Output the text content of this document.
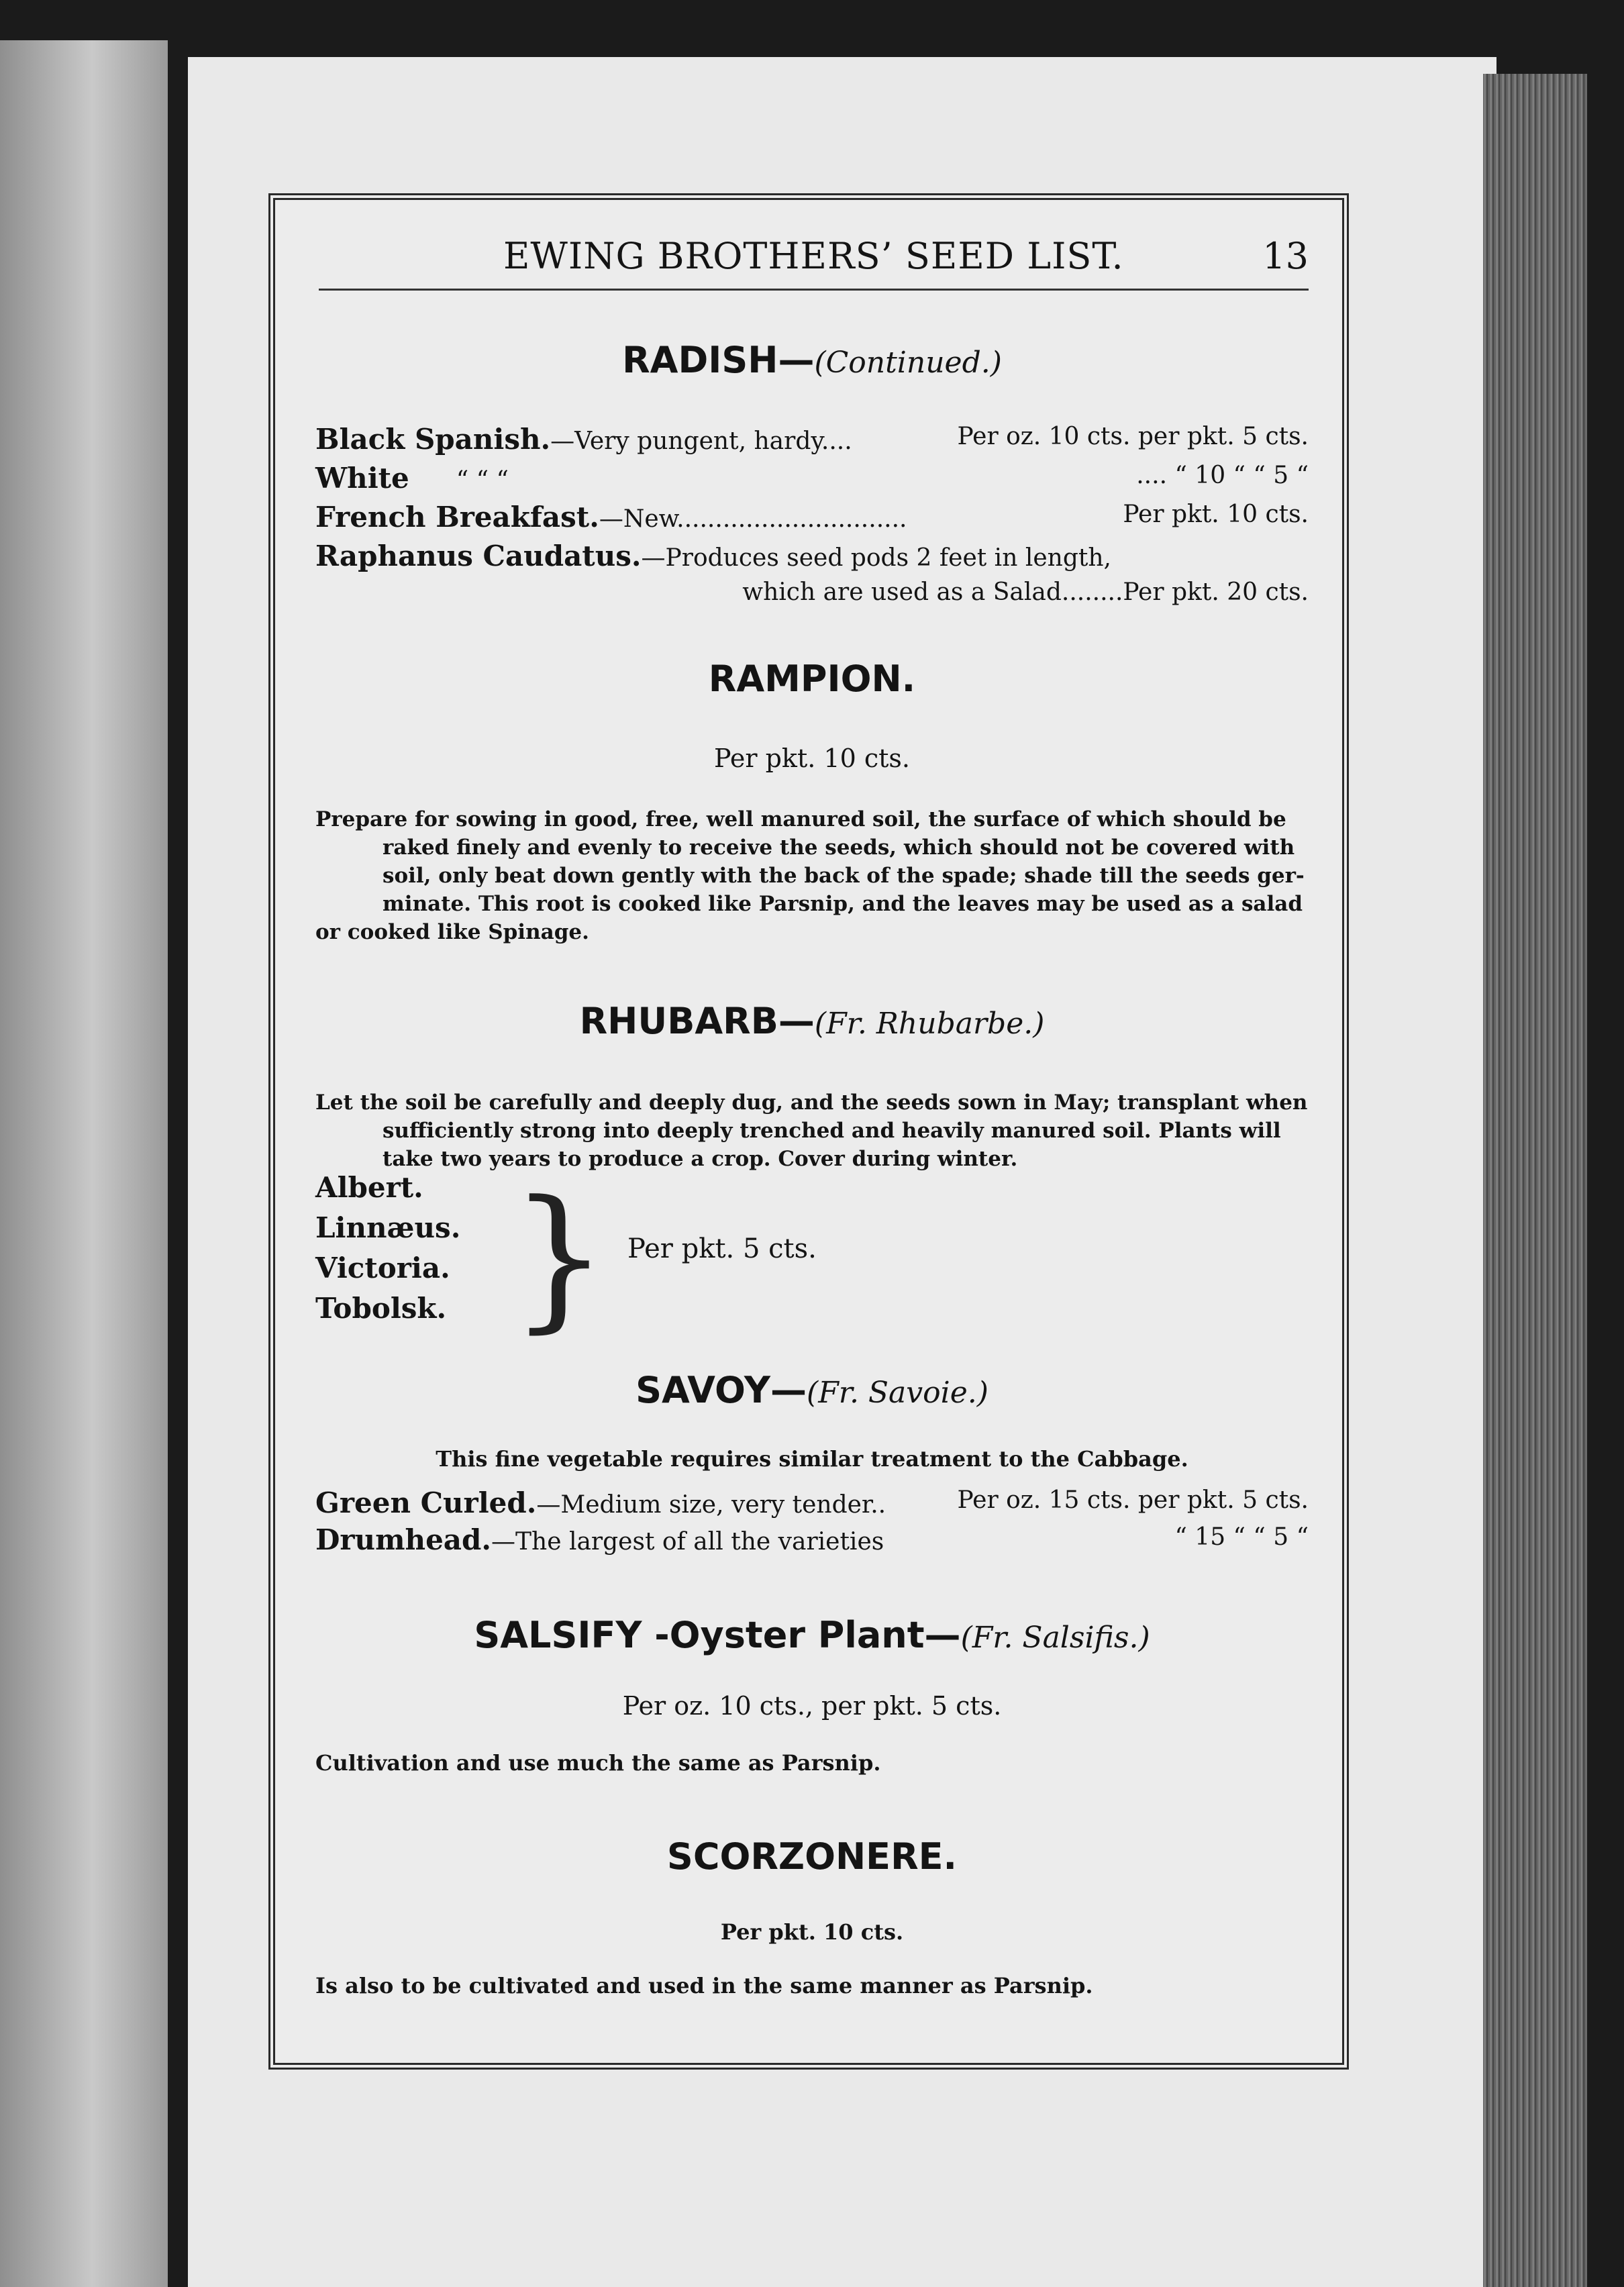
EWING BROTHERS’ SEED LIST.	13
RADISH—(Continued.)
Black Spanish.—Very pungent, hardy....	Per oz. 10 cts. per pkt. 5 cts.
White “ “ “	.... “ 10 “ “ 5 “
French Breakfast.—New..............................	Per pkt. 10 cts.
Raphanus Caudatus.—Produces seed pods 2 feet in length,
which are used as a Salad........Per pkt. 20 cts.
RAMPION.
Per pkt. 10 cts.
Prepare for sowing in good, free, well manured soil, the surface of which should be
raked finely and evenly to receive the seeds, which should not be covered with
soil, only beat down gently with the back of the spade; shade till the seeds ger-
minate. This root is cooked like Parsnip, and the leaves may be used as a salad
or cooked like Spinage.
RHUBARB—(Fr. Rhubarbe.)
Let the soil be carefully and deeply dug, and the seeds sown in May; transplant when
sufficiently strong into deeply trenched and heavily manured soil. Plants will
take two years to produce a crop. Cover during winter.
Albert.
Linnæus.
Victoria.
Tobolsk. } Per pkt. 5 cts.
SAVOY—(Fr. Savoie.)
This fine vegetable requires similar treatment to the Cabbage.
Green Curled.—Medium size, very tender..	Per oz. 15 cts. per pkt. 5 cts.
Drumhead.—The largest of all the varieties	“ 15 “ “ 5 “
SALSIFY -Oyster Plant—(Fr. Salsifis.)
Per oz. 10 cts., per pkt. 5 cts.
Cultivation and use much the same as Parsnip.
SCORZONERE.
Per pkt. 10 cts.
Is also to be cultivated and used in the same manner as Parsnip.
